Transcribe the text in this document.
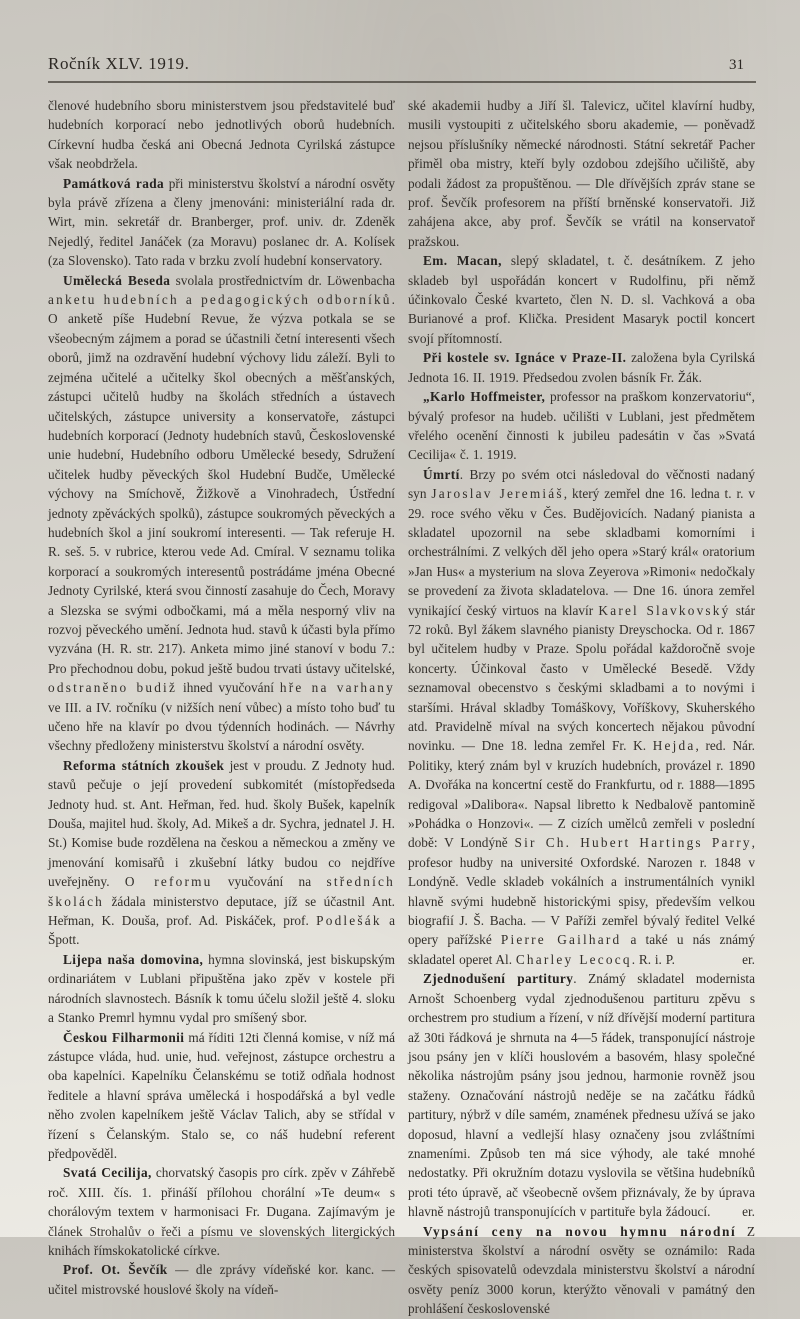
Ročník XLV. 1919.	31

členové hudebního sboru ministerstvem jsou představitelé buď hudebních korporací nebo jednotlivých oborů hudebních. Církevní hudba česká ani Obecná Jednota Cyrilská zástupce však neobdržela.

Památková rada při ministerstvu školství a národní osvěty byla právě zřízena a členy jmenováni: ministeriální rada dr. Wirt, min. sekretář dr. Branberger, prof. univ. dr. Zdeněk Nejedlý, ředitel Janáček (za Moravu) poslanec dr. A. Kolísek (za Slovensko). Tato rada v brzku zvolí hudební konservatory.

Umělecká Beseda svolala prostřednictvím dr. Löwenbacha anketu hudebních a pedagogických odborníků. O anketě píše Hudební Revue, že výzva potkala se se všeobecným zájmem a porad se účastnili četní interesenti všech oborů, jimž na ozdravění hudební výchovy lidu záleží. Byli to zejména učitelé a učitelky škol obecných a měšťanských, zástupci učitelů hudby na školách středních a ústavech učitelských, zástupce university a konservatoře, zástupci hudebních korporací (Jednoty hudebních stavů, Československé unie hudební, Hudebního odboru Umělecké besedy, Sdružení učitelek hudby pěveckých škol Hudební Budče, Umělecké výchovy na Smíchově, Žižkově a Vinohradech, Ústřední jednoty zpěváckých spolků), zástupce soukromých pěveckých a hudebních škol a jiní soukromí interesenti. — Tak referuje H. R. seš. 5. v rubrice, kterou vede Ad. Cmíral. V seznamu tolika korporací a soukromých interesentů postrádáme jména Obecné Jednoty Cyrilské, která svou činností zasahuje do Čech, Moravy a Slezska se svými odbočkami, má a měla nesporný vliv na rozvoj pěveckého umění. Jednota hud. stavů k účasti byla přímo vyzvána (H. R. str. 217). Anketa mimo jiné stanoví v bodu 7.: Pro přechodnou dobu, pokud ještě budou trvati ústavy učitelské, odstraněno budiž ihned vyučování hře na varhany ve III. a IV. ročníku (v nižších není vůbec) a místo toho buď tu učeno hře na klavír po dvou týdenních hodinách. — Návrhy všechny předloženy ministerstvu školství a národní osvěty.

Reforma státních zkoušek jest v proudu. Z Jednoty hud. stavů pečuje o její provedení subkomitét (místopředseda Jednoty hud. st. Ant. Heřman, řed. hud. školy Bušek, kapelník Douša, majitel hud. školy, Ad. Mikeš a dr. Sychra, jednatel J. H. St.) Komise bude rozdělena na českou a německou a změny ve jmenování komisařů i zkušební látky budou co nejdříve uveřejněny. O reformu vyučování na středních školách žádala ministerstvo deputace, jíž se účastnil Ant. Heřman, K. Douša, prof. Ad. Piskáček, prof. Podlešák a Špott.

Lijepa naša domovina, hymna slovinská, jest biskupským ordinariátem v Lublani připuštěna jako zpěv v kostele při národních slavnostech. Básník k tomu účelu složil ještě 4. sloku a Stanko Premrl hymnu vydal pro smíšený sbor.

Českou Filharmonii má říditi 12ti členná komise, v níž má zástupce vláda, hud. unie, hud. veřejnost, zástupce orchestru a oba kapelníci. Kapelníku Čelanskému se totiž odňala hodnost ředitele a hlavní správa umělecká i hospodářská a byl vedle něho zvolen kapelníkem ještě Václav Talich, aby se střídal v řízení s Čelanským. Stalo se, co náš hudební referent předpověděl.

Svatá Cecilija, chorvatský časopis pro círk. zpěv v Záhřebě roč. XIII. čís. 1. přináší přílohou chorální »Te deum« s chorálovým textem v harmonisaci Fr. Dugana. Zajímavým je článek Strohalův o řeči a písmu ve slovenských litergických knihách římskokatolické církve.

Prof. Ot. Ševčík — dle zprávy vídeňské kor. kanc. — učitel mistrovské houslové školy na vídeň-

ské akademii hudby a Jiří šl. Talevicz, učitel klavírní hudby, musili vystoupiti z učitelského sboru akademie, — poněvadž nejsou příslušníky německé národnosti. Státní sekretář Pacher přiměl oba mistry, kteří byly ozdobou zdejšího učiliště, aby podali žádost za propuštěnou. — Dle dřívějších zpráv stane se prof. Ševčík profesorem na příští brněnské konservatoři. Již zahájena akce, aby prof. Ševčík se vrátil na konservatoř pražskou.

Em. Macan, slepý skladatel, t. č. desátníkem. Z jeho skladeb byl uspořádán koncert v Rudolfinu, při němž účinkovalo České kvarteto, člen N. D. sl. Vachková a oba Burianové a prof. Klička. President Masaryk poctil koncert svojí přítomností.

Při kostele sv. Ignáce v Praze-II. založena byla Cyrilská Jednota 16. II. 1919. Předsedou zvolen básník Fr. Žák.

„Karlo Hoffmeister, professor na praškom konzervatoriu“, bývalý profesor na hudeb. učilišti v Lublani, jest předmětem vřelého ocenění činnosti k jubileu padesátin v čas »Svatá Cecilija« č. 1. 1919.

Úmrtí. Brzy po svém otci následoval do věčnosti nadaný syn Jaroslav Jeremiáš, který zemřel dne 16. ledna t. r. v 29. roce svého věku v Čes. Budějovicích. Nadaný pianista a skladatel upozornil na sebe skladbami komorními i orchestrálními. Z velkých děl jeho opera »Starý král« oratorium »Jan Hus« a mysterium na slova Zeyerova »Rimoni« nedočkaly se provedení za života skladatelova. — Dne 16. února zemřel vynikající český virtuos na klavír Karel Slavkovský stár 72 roků. Byl žákem slavného pianisty Dreyschocka. Od r. 1867 byl učitelem hudby v Praze. Spolu pořádal každoročně svoje koncerty. Účinkoval často v Umělecké Besedě. Vždy seznamoval obecenstvo s českými skladbami a to novými i staršími. Hrával skladby Tomáškovy, Voříškovy, Skuherského atd. Pravidelně míval na svých koncertech nějakou původní novinku. — Dne 18. ledna zemřel Fr. K. Hejda, red. Nár. Politiky, který znám byl v kruzích hudebních, provázel r. 1890 A. Dvořáka na koncertní cestě do Frankfurtu, od r. 1888—1895 redigoval »Dalibora«. Napsal libretto k Nedbalově pantomině »Pohádka o Honzovi«. — Z cizích umělců zemřeli v poslední době: V Londýně Sir Ch. Hubert Hartings Parry, profesor hudby na université Oxfordské. Narozen r. 1848 v Londýně. Vedle skladeb vokálních a instrumentálních vynikl hlavně svými hudebně historickými spisy, především velkou biografií J. Š. Bacha. — V Paříži zemřel bývalý ředitel Velké opery pařížské Pierre Gailhard a také u nás známý skladatel operet Al. Charley Lecocq. R. i. P.	er.

Zjednodušení partitury. Známý skladatel modernista Arnošt Schoenberg vydal zjednodušenou partituru zpěvu s orchestrem pro studium a řízení, v níž dřívější moderní partitura až 30ti řádková je shrnuta na 4—5 řádek, transponující nástroje jsou psány jen v klíči houslovém a basovém, hlasy společné několika nástrojům psány jsou jednou, harmonie rovněž jsou staženy. Označování nástrojů neděje se na začátku řádků partitury, nýbrž v díle samém, znamének přednesu užívá se jako doposud, hlavní a vedlejší hlasy označeny jsou zvláštními znameními. Způsob ten má sice výhody, ale také mnohé nedostatky. Při okružním dotazu vyslovila se většina hudebníků proti této úpravě, ač všeobecně ovšem přiznávaly, že by úprava hlavně nástrojů transponujících v partituře byla žádoucí.	er.

Vypsání ceny na novou hymnu národní Z ministerstva školství a národní osvěty se oznámilo: Rada českých spisovatelů odevzdala ministerstvu školství a národní osvěty peníz 3000 korun, kterýžto věnovali v památný den prohlášení československé
